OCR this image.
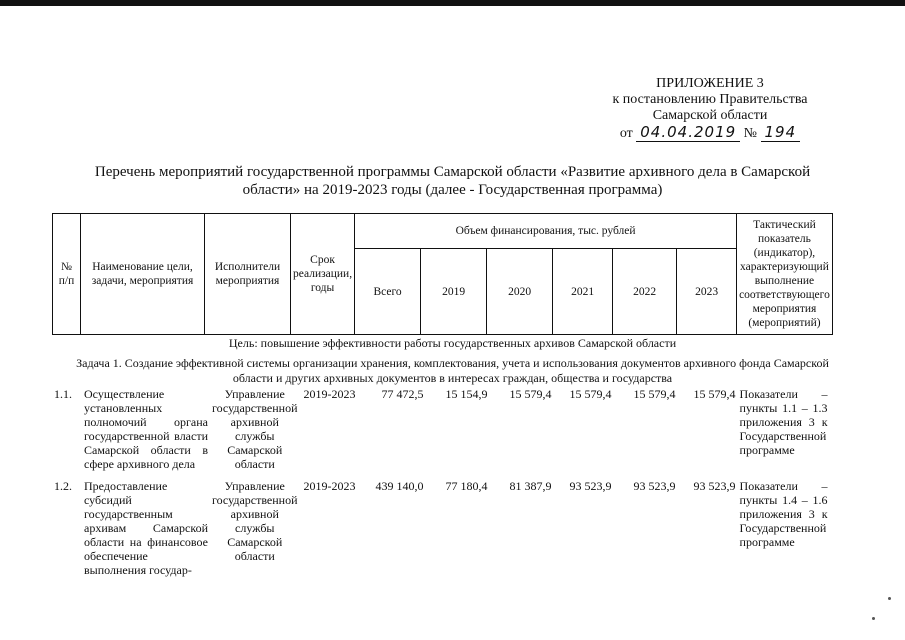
ПРИЛОЖЕНИЕ 3
к постановлению Правительства
Самарской области
от 04.04.2019 № 194
Перечень мероприятий государственной программы Самарской области «Развитие архивного дела в Самарской
области» на 2019-2023 годы (далее - Государственная программа)
№ п/п	Наименование цели, задачи, мероприятия	Исполнители мероприятия	Срок реализации, годы	Объем финансирования, тыс. рублей						Тактический показатель (индикатор), характеризующий выполнение соответствующего мероприятия (мероприятий)
				Всего	2019	2020	2021	2022	2023	
Цель: повышение эффективности работы государственных архивов Самарской области
Задача 1. Создание эффективной системы организации хранения, комплектования, учета и использования документов архивного фонда Самарской
области и других архивных документов в интересах граждан, общества и государства
1.1.	Осуществление установленных полномочий органа государственной власти Самарской области в сфере архивного дела	Управление государственной архивной службы Самарской области	2019-2023	77 472,5	15 154,9	15 579,4	15 579,4	15 579,4	15 579,4	Показатели – пункты 1.1 – 1.3 приложения 3 к Государственной программе
1.2.	Предоставление субсидий государственным архивам Самарской области на финансовое обеспечение выполнения государ-	Управление государственной архивной службы Самарской области	2019-2023	439 140,0	77 180,4	81 387,9	93 523,9	93 523,9	93 523,9	Показатели – пункты 1.4 – 1.6 приложения 3 к Государственной программе
